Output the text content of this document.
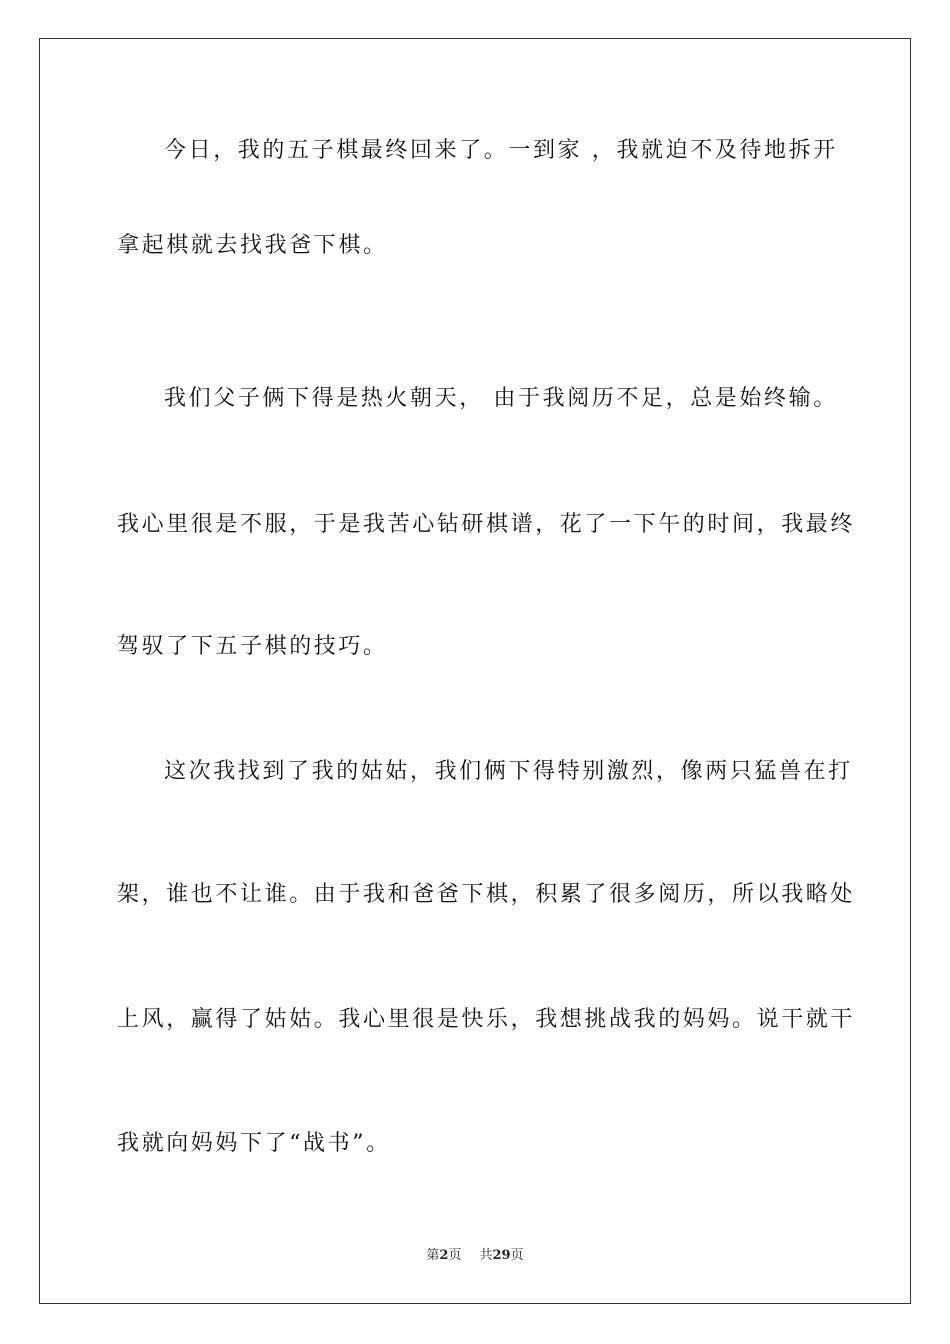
今日，我的五子棋最终回来了。一到家 ，我就迫不及待地拆开
拿起棋就去找我爸下棋。
我们父子俩下得是热火朝天， 由于我阅历不足，总是始终输。
我心里很是不服，于是我苦心钻研棋谱，花了一下午的时间，我最终
驾驭了下五子棋的技巧。
这次我找到了我的姑姑，我们俩下得特别激烈，像两只猛兽在打
架，谁也不让谁。由于我和爸爸下棋，积累了很多阅历，所以我略处
上风，赢得了姑姑。我心里很是快乐，我想挑战我的妈妈。说干就干
我就向妈妈下了“战书”。
第2页 共29页
